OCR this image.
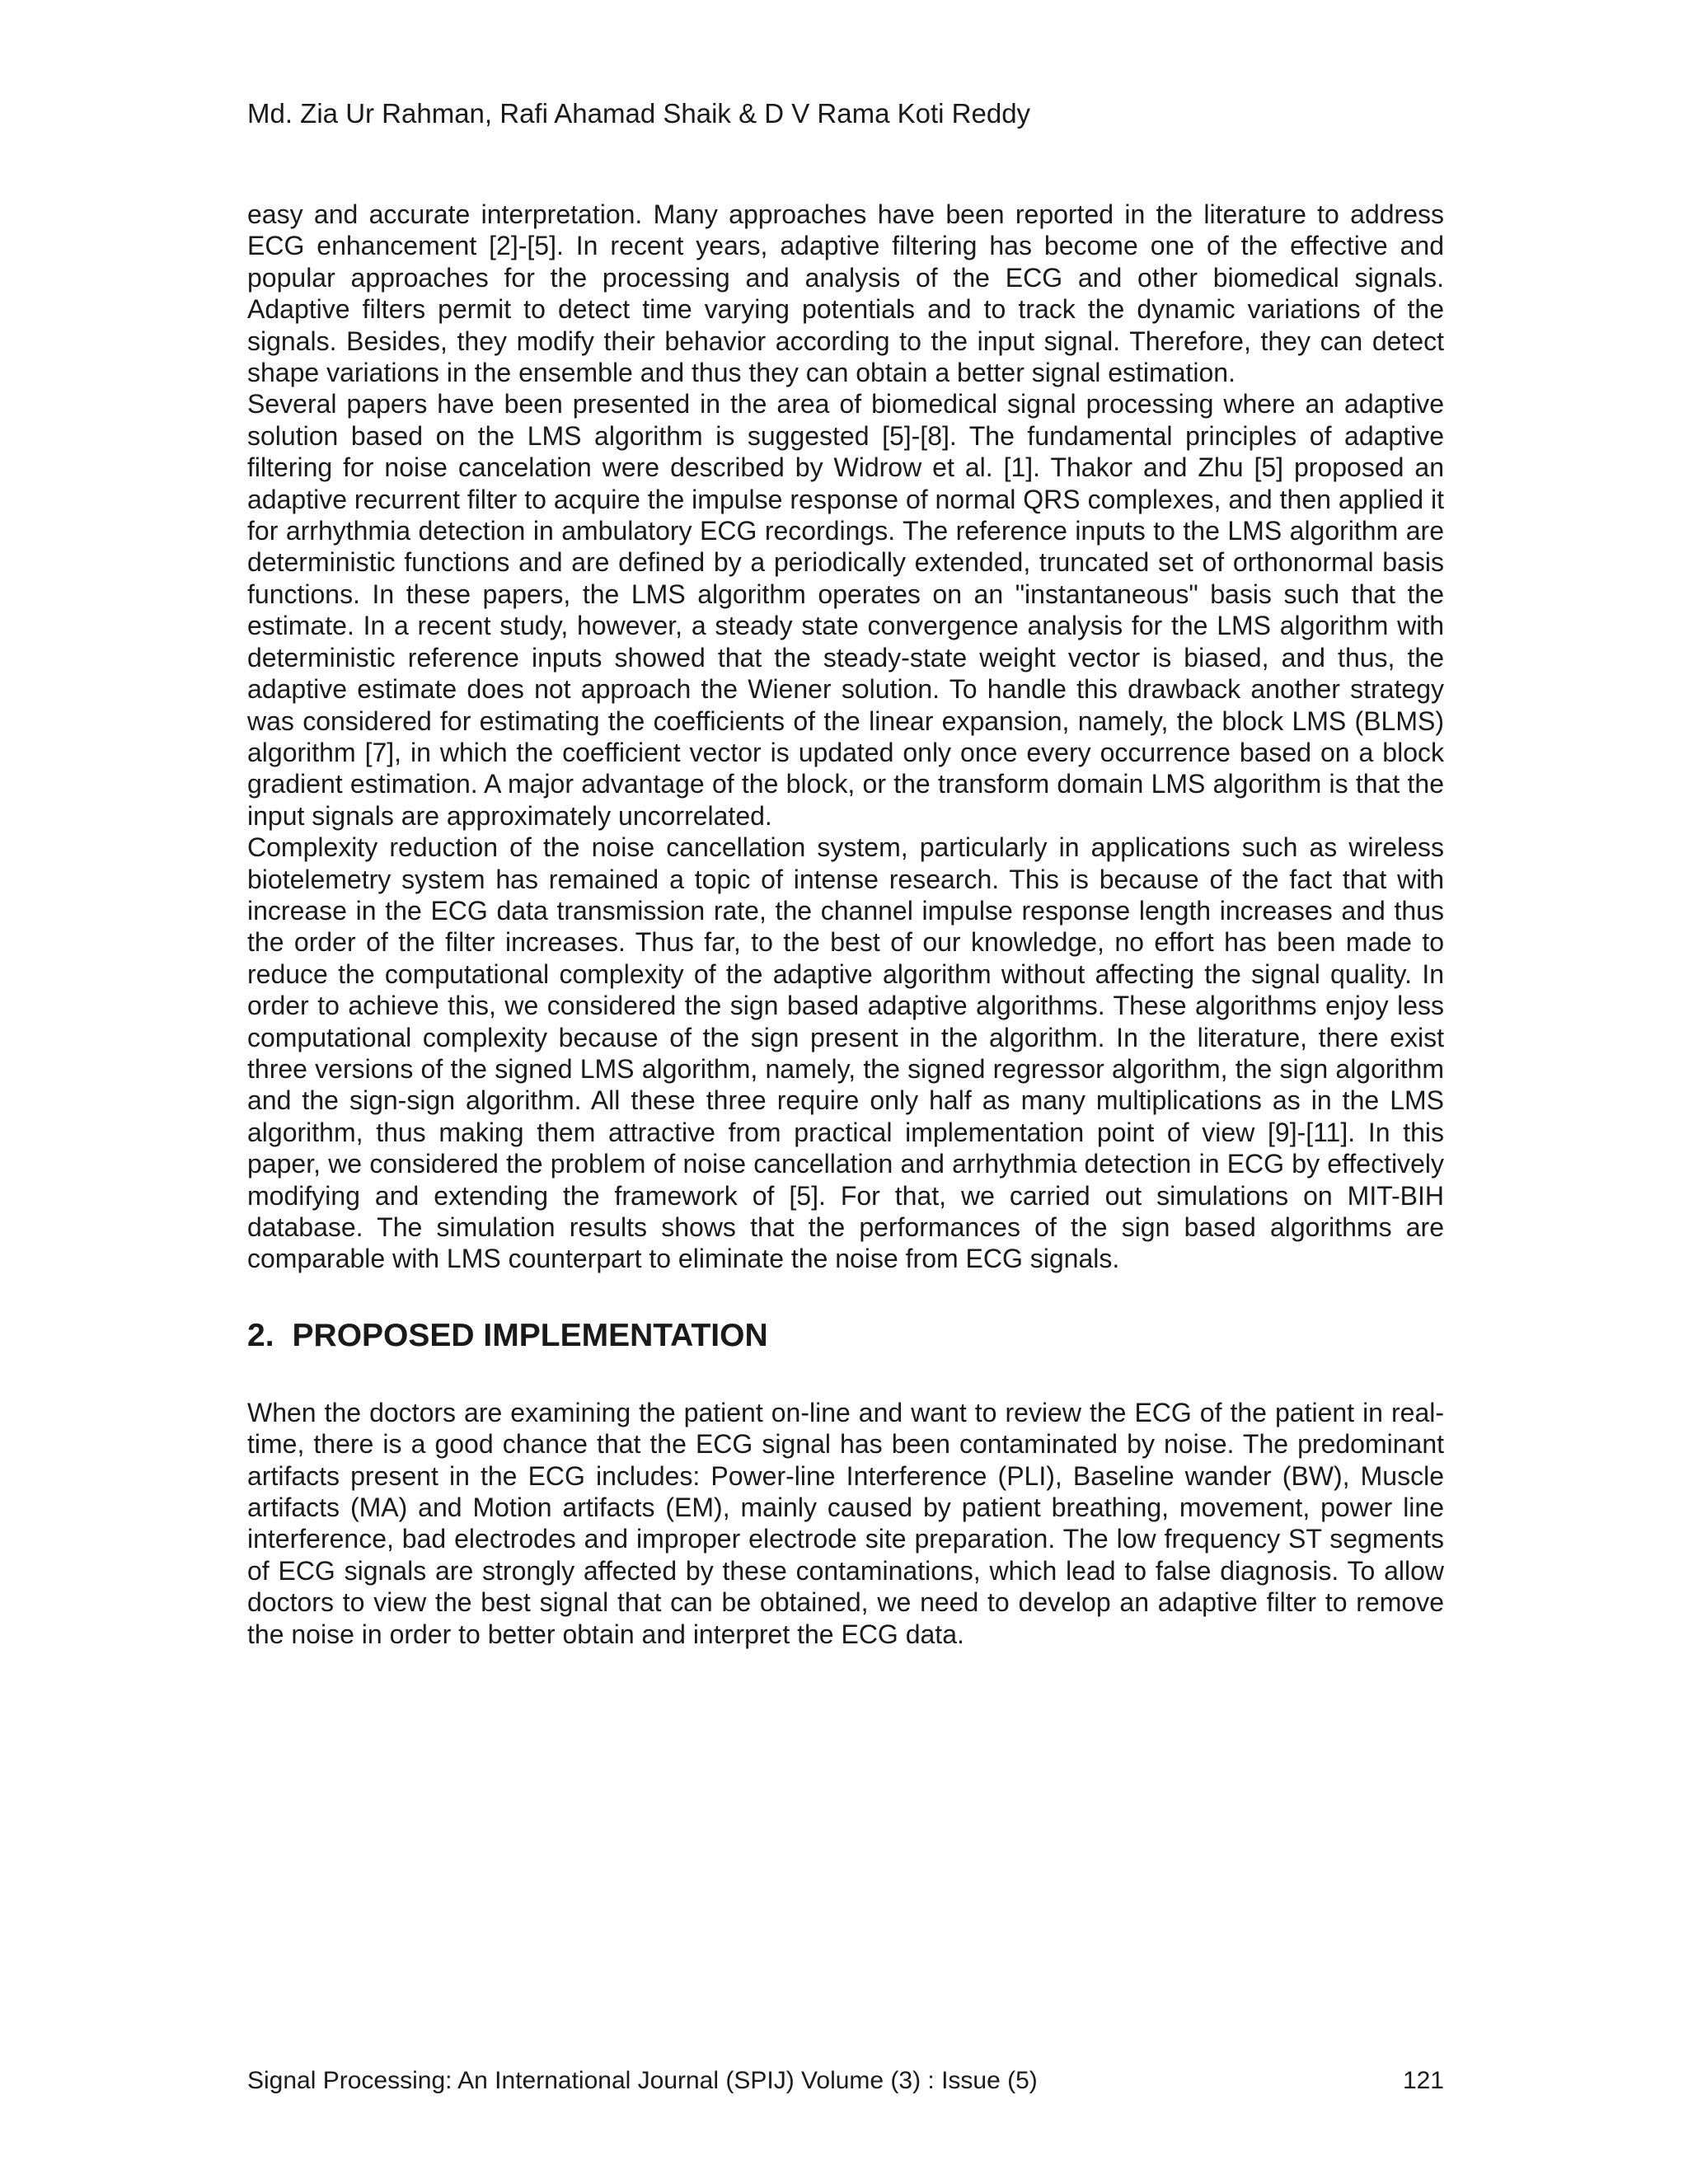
Md. Zia Ur Rahman, Rafi Ahamad Shaik & D V Rama Koti Reddy

easy and accurate interpretation. Many approaches have been reported in the literature to address ECG enhancement [2]-[5]. In recent years, adaptive filtering has become one of the effective and popular approaches for the processing and analysis of the ECG and other biomedical signals. Adaptive filters permit to detect time varying potentials and to track the dynamic variations of the signals. Besides, they modify their behavior according to the input signal. Therefore, they can detect shape variations in the ensemble and thus they can obtain a better signal estimation.

Several papers have been presented in the area of biomedical signal processing where an adaptive solution based on the LMS algorithm is suggested [5]-[8]. The fundamental principles of adaptive filtering for noise cancelation were described by Widrow et al. [1]. Thakor and Zhu [5] proposed an adaptive recurrent filter to acquire the impulse response of normal QRS complexes, and then applied it for arrhythmia detection in ambulatory ECG recordings. The reference inputs to the LMS algorithm are deterministic functions and are defined by a periodically extended, truncated set of orthonormal basis functions. In these papers, the LMS algorithm operates on an "instantaneous" basis such that the estimate. In a recent study, however, a steady state convergence analysis for the LMS algorithm with deterministic reference inputs showed that the steady-state weight vector is biased, and thus, the adaptive estimate does not approach the Wiener solution. To handle this drawback another strategy was considered for estimating the coefficients of the linear expansion, namely, the block LMS (BLMS) algorithm [7], in which the coefficient vector is updated only once every occurrence based on a block gradient estimation. A major advantage of the block, or the transform domain LMS algorithm is that the input signals are approximately uncorrelated.

Complexity reduction of the noise cancellation system, particularly in applications such as wireless biotelemetry system has remained a topic of intense research. This is because of the fact that with increase in the ECG data transmission rate, the channel impulse response length increases and thus the order of the filter increases. Thus far, to the best of our knowledge, no effort has been made to reduce the computational complexity of the adaptive algorithm without affecting the signal quality. In order to achieve this, we considered the sign based adaptive algorithms. These algorithms enjoy less computational complexity because of the sign present in the algorithm. In the literature, there exist three versions of the signed LMS algorithm, namely, the signed regressor algorithm, the sign algorithm and the sign-sign algorithm. All these three require only half as many multiplications as in the LMS algorithm, thus making them attractive from practical implementation point of view [9]-[11]. In this paper, we considered the problem of noise cancellation and arrhythmia detection in ECG by effectively modifying and extending the framework of [5]. For that, we carried out simulations on MIT-BIH database. The simulation results shows that the performances of the sign based algorithms are comparable with LMS counterpart to eliminate the noise from ECG signals.

2. PROPOSED IMPLEMENTATION

When the doctors are examining the patient on-line and want to review the ECG of the patient in real-time, there is a good chance that the ECG signal has been contaminated by noise. The predominant artifacts present in the ECG includes: Power-line Interference (PLI), Baseline wander (BW), Muscle artifacts (MA) and Motion artifacts (EM), mainly caused by patient breathing, movement, power line interference, bad electrodes and improper electrode site preparation. The low frequency ST segments of ECG signals are strongly affected by these contaminations, which lead to false diagnosis. To allow doctors to view the best signal that can be obtained, we need to develop an adaptive filter to remove the noise in order to better obtain and interpret the ECG data.

Signal Processing: An International Journal (SPIJ) Volume (3) : Issue (5)	121
